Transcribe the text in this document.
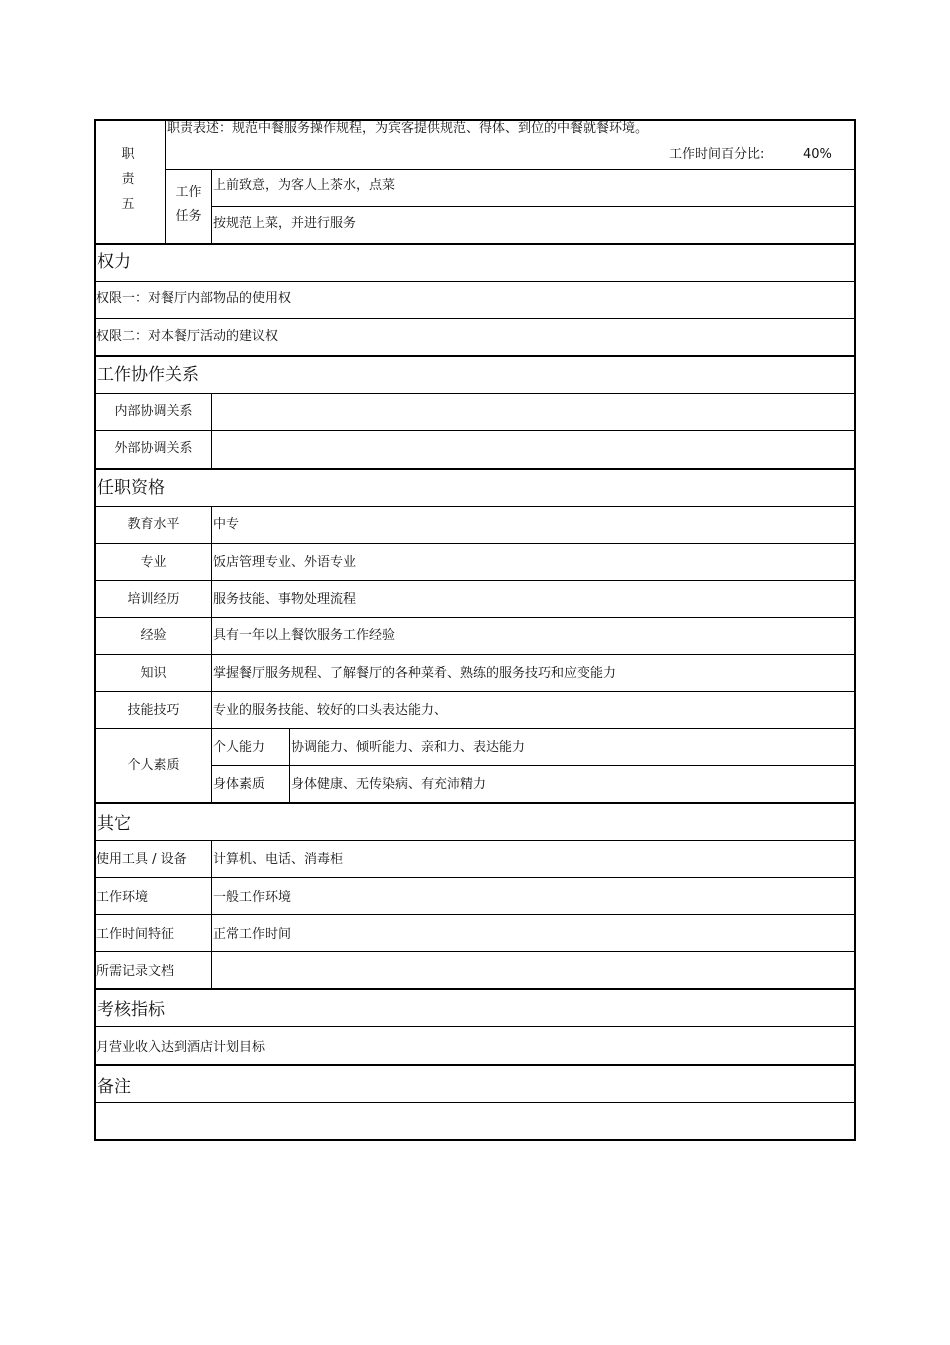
职
责
五
职责表述：规范中餐服务操作规程，为宾客提供规范、得体、到位的中餐就餐环境。
工作时间百分比:	40%
工作
任务
上前致意，为客人上茶水，点菜
按规范上菜，并进行服务
权力
权限一：对餐厅内部物品的使用权
权限二：对本餐厅活动的建议权
工作协作关系
内部协调关系
外部协调关系
任职资格
教育水平	中专
专业	饭店管理专业、外语专业
培训经历	服务技能、事物处理流程
经验	具有一年以上餐饮服务工作经验
知识	掌握餐厅服务规程、了解餐厅的各种菜肴、熟练的服务技巧和应变能力
技能技巧	专业的服务技能、较好的口头表达能力、
个人素质
个人能力 协调能力、倾听能力、亲和力、表达能力
身体素质 身体健康、无传染病、有充沛精力
其它
使用工具 / 设备 计算机、电话、消毒柜
工作环境	一般工作环境
工作时间特征	正常工作时间
所需记录文档
考核指标
月营业收入达到酒店计划目标
备注
